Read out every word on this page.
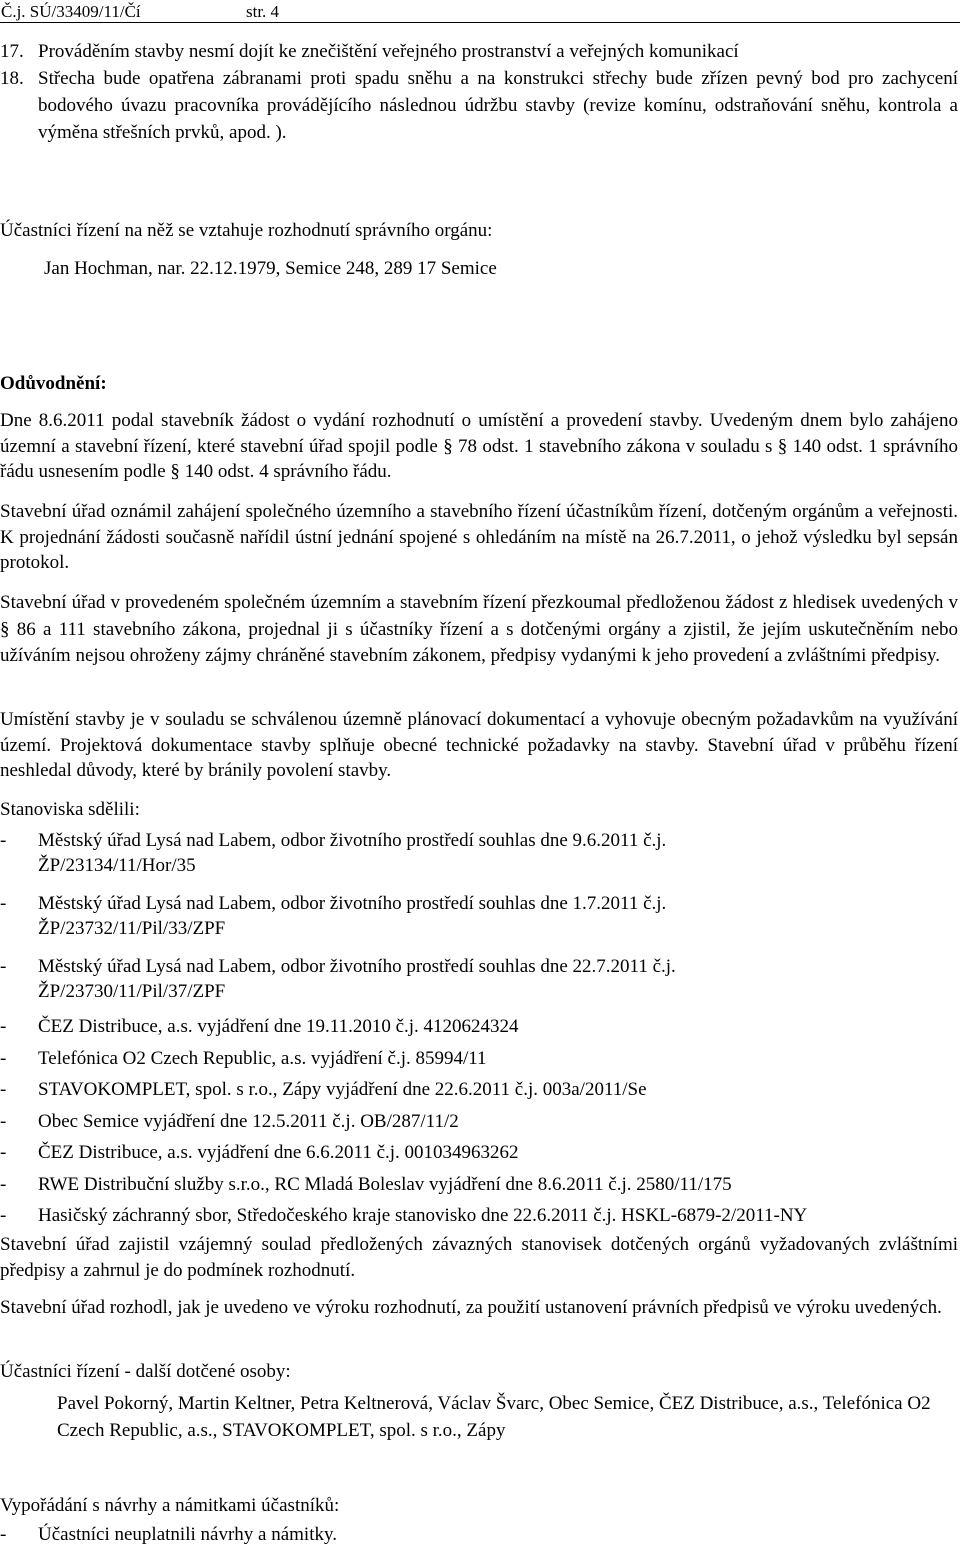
Č.j. SÚ/33409/11/Čí	str. 4
17. Prováděním stavby nesmí dojít ke znečištění veřejného prostranství a veřejných komunikací
18. Střecha bude opatřena zábranami proti spadu sněhu a na konstrukci střechy bude zřízen pevný bod pro zachycení bodového úvazu pracovníka provádějícího následnou údržbu stavby (revize komínu, odstraňování sněhu, kontrola a výměna střešních prvků, apod. ).
Účastníci řízení na něž se vztahuje rozhodnutí správního orgánu:
Jan Hochman, nar. 22.12.1979, Semice 248, 289 17 Semice
Odůvodnění:
Dne 8.6.2011 podal stavebník žádost o vydání rozhodnutí o umístění a provedení stavby. Uvedeným dnem bylo zahájeno územní a stavební řízení, které stavební úřad spojil podle § 78 odst. 1 stavebního zákona v souladu s § 140 odst. 1 správního řádu usnesením podle § 140 odst. 4 správního řádu.
Stavební úřad oznámil zahájení společného územního a stavebního řízení účastníkům řízení, dotčeným orgánům a veřejnosti. K projednání žádosti současně nařídil ústní jednání spojené s ohledáním na místě na 26.7.2011, o jehož výsledku byl sepsán protokol.
Stavební úřad v provedeném společném územním a stavebním řízení přezkoumal předloženou žádost z hledisek uvedených v § 86 a 111 stavebního zákona, projednal ji s účastníky řízení a s dotčenými orgány a zjistil, že jejím uskutečněním nebo užíváním nejsou ohroženy zájmy chráněné stavebním zákonem, předpisy vydanými k jeho provedení a zvláštními předpisy.
Umístění stavby je v souladu se schválenou územně plánovací dokumentací a vyhovuje obecným požadavkům na využívání území. Projektová dokumentace stavby splňuje obecné technické požadavky na stavby. Stavební úřad v průběhu řízení neshledal důvody, které by bránily povolení stavby.
Stanoviska sdělili:
- Městský úřad Lysá nad Labem, odbor životního prostředí souhlas dne 9.6.2011 č.j.
ŽP/23134/11/Hor/35
- Městský úřad Lysá nad Labem, odbor životního prostředí souhlas dne 1.7.2011 č.j.
ŽP/23732/11/Pil/33/ZPF
- Městský úřad Lysá nad Labem, odbor životního prostředí souhlas dne 22.7.2011 č.j.
ŽP/23730/11/Pil/37/ZPF
- ČEZ Distribuce, a.s. vyjádření dne 19.11.2010 č.j. 4120624324
- Telefónica O2 Czech Republic, a.s. vyjádření č.j. 85994/11
- STAVOKOMPLET, spol. s r.o., Zápy vyjádření dne 22.6.2011 č.j. 003a/2011/Se
- Obec Semice vyjádření dne 12.5.2011 č.j. OB/287/11/2
- ČEZ Distribuce, a.s. vyjádření dne 6.6.2011 č.j. 001034963262
- RWE Distribuční služby s.r.o., RC Mladá Boleslav vyjádření dne 8.6.2011 č.j. 2580/11/175
- Hasičský záchranný sbor, Středočeského kraje stanovisko dne 22.6.2011 č.j. HSKL-6879-2/2011-NY
Stavební úřad zajistil vzájemný soulad předložených závazných stanovisek dotčených orgánů vyžadovaných zvláštními předpisy a zahrnul je do podmínek rozhodnutí.
Stavební úřad rozhodl, jak je uvedeno ve výroku rozhodnutí, za použití ustanovení právních předpisů ve výroku uvedených.
Účastníci řízení - další dotčené osoby:
Pavel Pokorný, Martin Keltner, Petra Keltnerová, Václav Švarc, Obec Semice, ČEZ Distribuce, a.s., Telefónica O2 Czech Republic, a.s., STAVOKOMPLET, spol. s r.o., Zápy
Vypořádání s návrhy a námitkami účastníků:
- Účastníci neuplatnili návrhy a námitky.
